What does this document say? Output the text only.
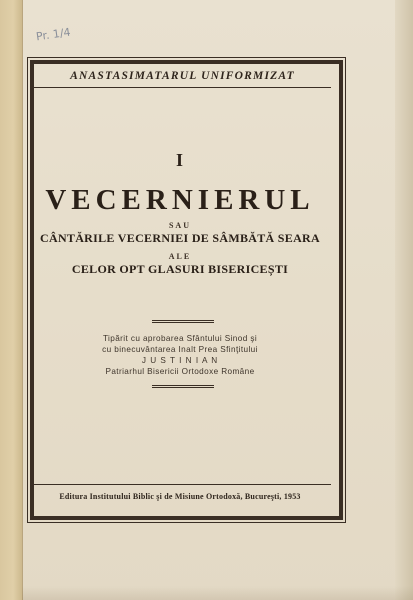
Pr. 1/4
ANASTASIMATARUL UNIFORMIZAT
I
VECERNIERUL
SAU
CÂNTĂRILE VECERNIEI DE SÂMBĂTĂ SEARA
ALE
CELOR OPT GLASURI BISERICEȘTI
Tipărit cu aprobarea Sfântului Sinod şi
cu binecuvântarea Inalt Prea Sfinţitului
J U S T I N I A N
Patriarhul Bisericii Ortodoxe Române
Editura Institutului Biblic şi de Misiune Ortodoxă, Bucureşti, 1953
